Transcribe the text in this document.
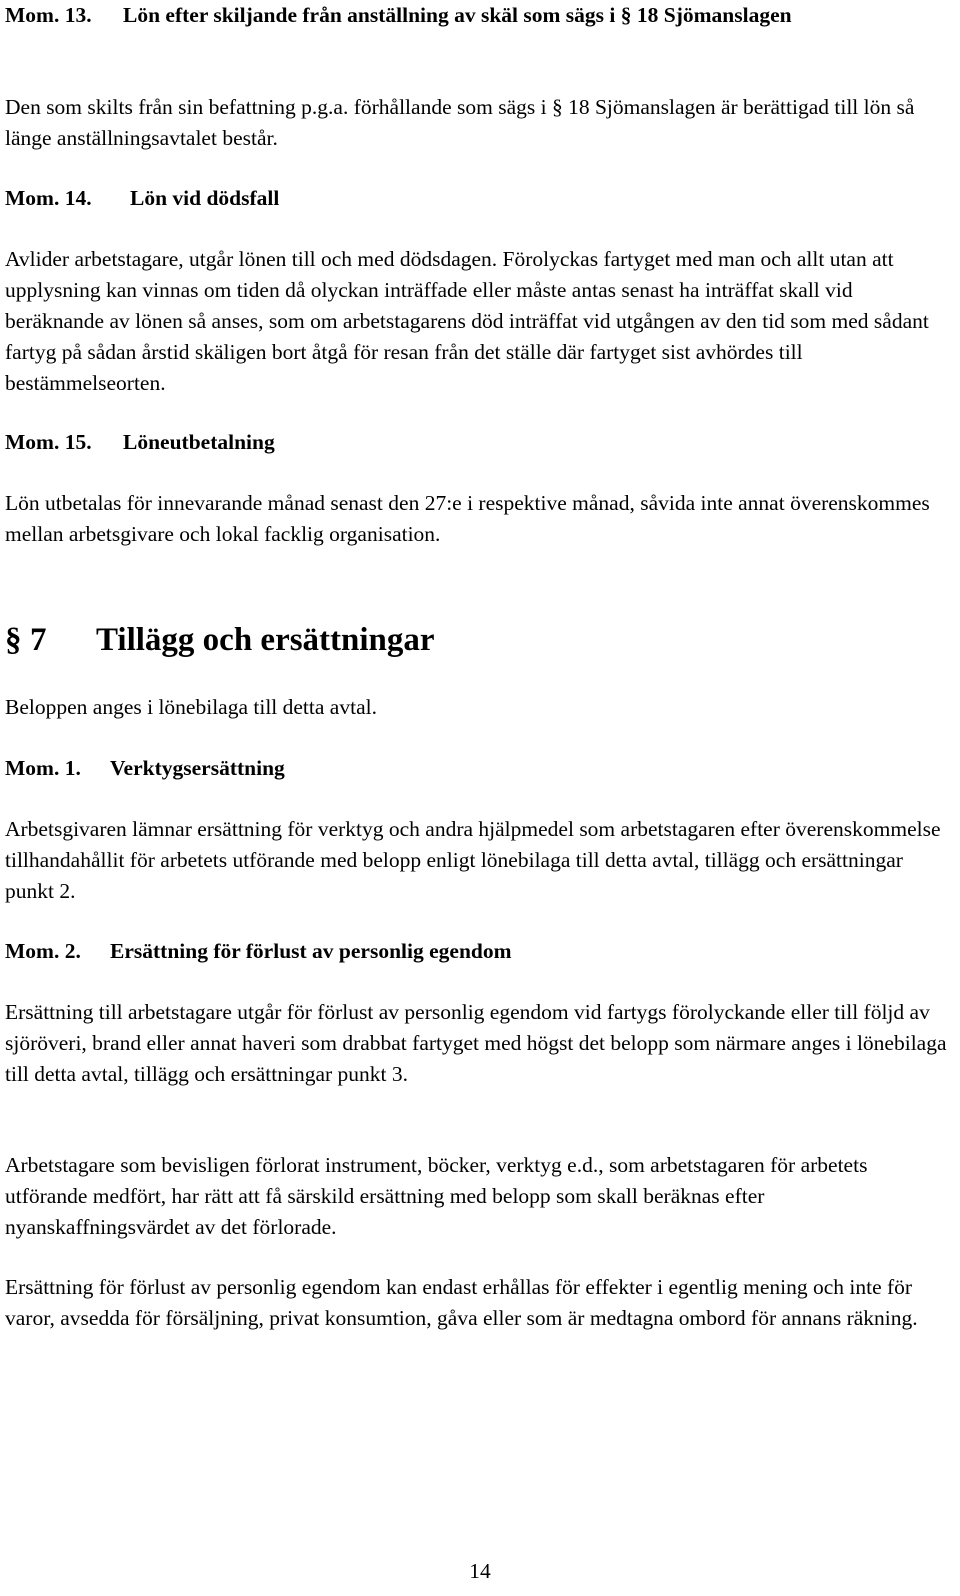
Mom. 13. Lön efter skiljande från anställning av skäl som sägs i § 18 Sjömanslagen

Den som skilts från sin befattning p.g.a. förhållande som sägs i § 18 Sjömanslagen är berättigad till lön så länge anställningsavtalet består.

Mom. 14. Lön vid dödsfall

Avlider arbetstagare, utgår lönen till och med dödsdagen. Förolyckas fartyget med man och allt utan att upplysning kan vinnas om tiden då olyckan inträffade eller måste antas senast ha inträffat skall vid beräknande av lönen så anses, som om arbetstagarens död inträffat vid utgången av den tid som med sådant fartyg på sådan årstid skäligen bort åtgå för resan från det ställe där fartyget sist avhördes till bestämmelseorten.

Mom. 15. Löneutbetalning

Lön utbetalas för innevarande månad senast den 27:e i respektive månad, såvida inte annat överenskommes mellan arbetsgivare och lokal facklig organisation.

§ 7 Tillägg och ersättningar

Beloppen anges i lönebilaga till detta avtal.

Mom. 1. Verktygsersättning

Arbetsgivaren lämnar ersättning för verktyg och andra hjälpmedel som arbetstagaren efter överenskommelse tillhandahållit för arbetets utförande med belopp enligt lönebilaga till detta avtal, tillägg och ersättningar punkt 2.

Mom. 2. Ersättning för förlust av personlig egendom

Ersättning till arbetstagare utgår för förlust av personlig egendom vid fartygs förolyckande eller till följd av sjöröveri, brand eller annat haveri som drabbat fartyget med högst det belopp som närmare anges i lönebilaga till detta avtal, tillägg och ersättningar punkt 3.

Arbetstagare som bevisligen förlorat instrument, böcker, verktyg e.d., som arbetstagaren för arbetets utförande medfört, har rätt att få särskild ersättning med belopp som skall beräknas efter nyanskaffningsvärdet av det förlorade.

Ersättning för förlust av personlig egendom kan endast erhållas för effekter i egentlig mening och inte för varor, avsedda för försäljning, privat konsumtion, gåva eller som är medtagna ombord för annans räkning.

14
